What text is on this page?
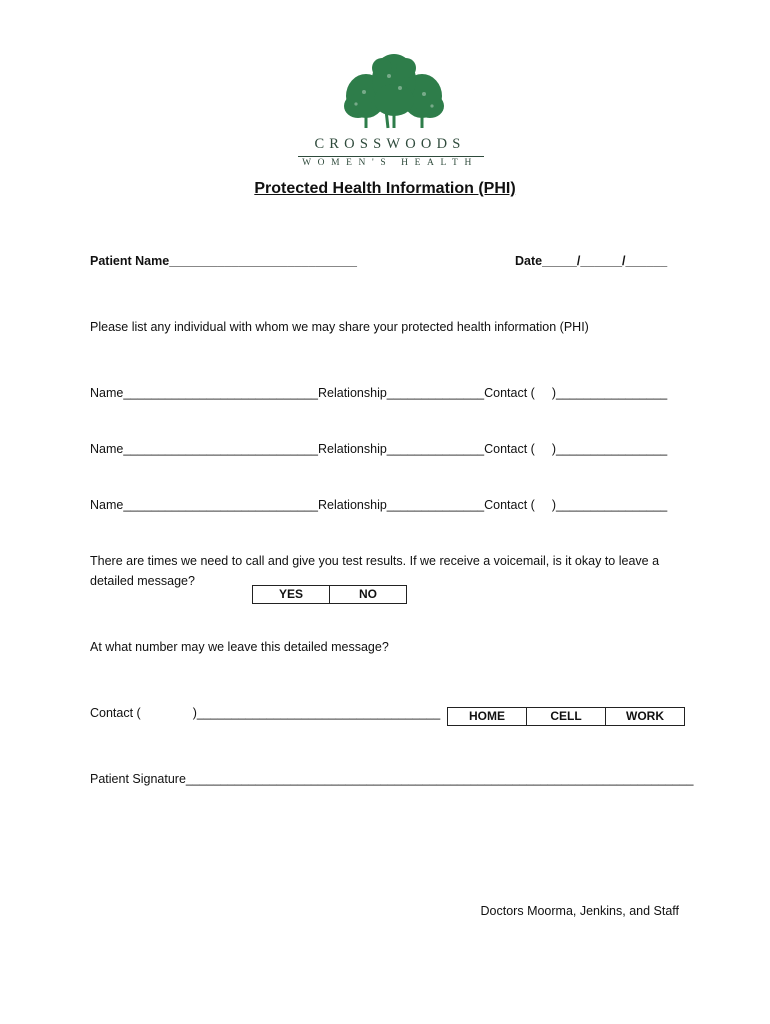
CROSSWOODS
WOMEN'S HEALTH
Protected Health Information (PHI)
Patient Name___________________________	Date_____/______/______
Please list any individual with whom we may share your protected health information (PHI)
Name____________________________Relationship______________Contact ( )________________
Name____________________________Relationship______________Contact ( )________________
Name____________________________Relationship______________Contact ( )________________
There are times we need to call and give you test results. If we receive a voicemail, is it okay to leave a
detailed message?
YES	NO
At what number may we leave this detailed message?
Contact (	)___________________________________ HOME	CELL	WORK
Patient Signature_________________________________________________________________________
Doctors Moorma, Jenkins, and Staff
